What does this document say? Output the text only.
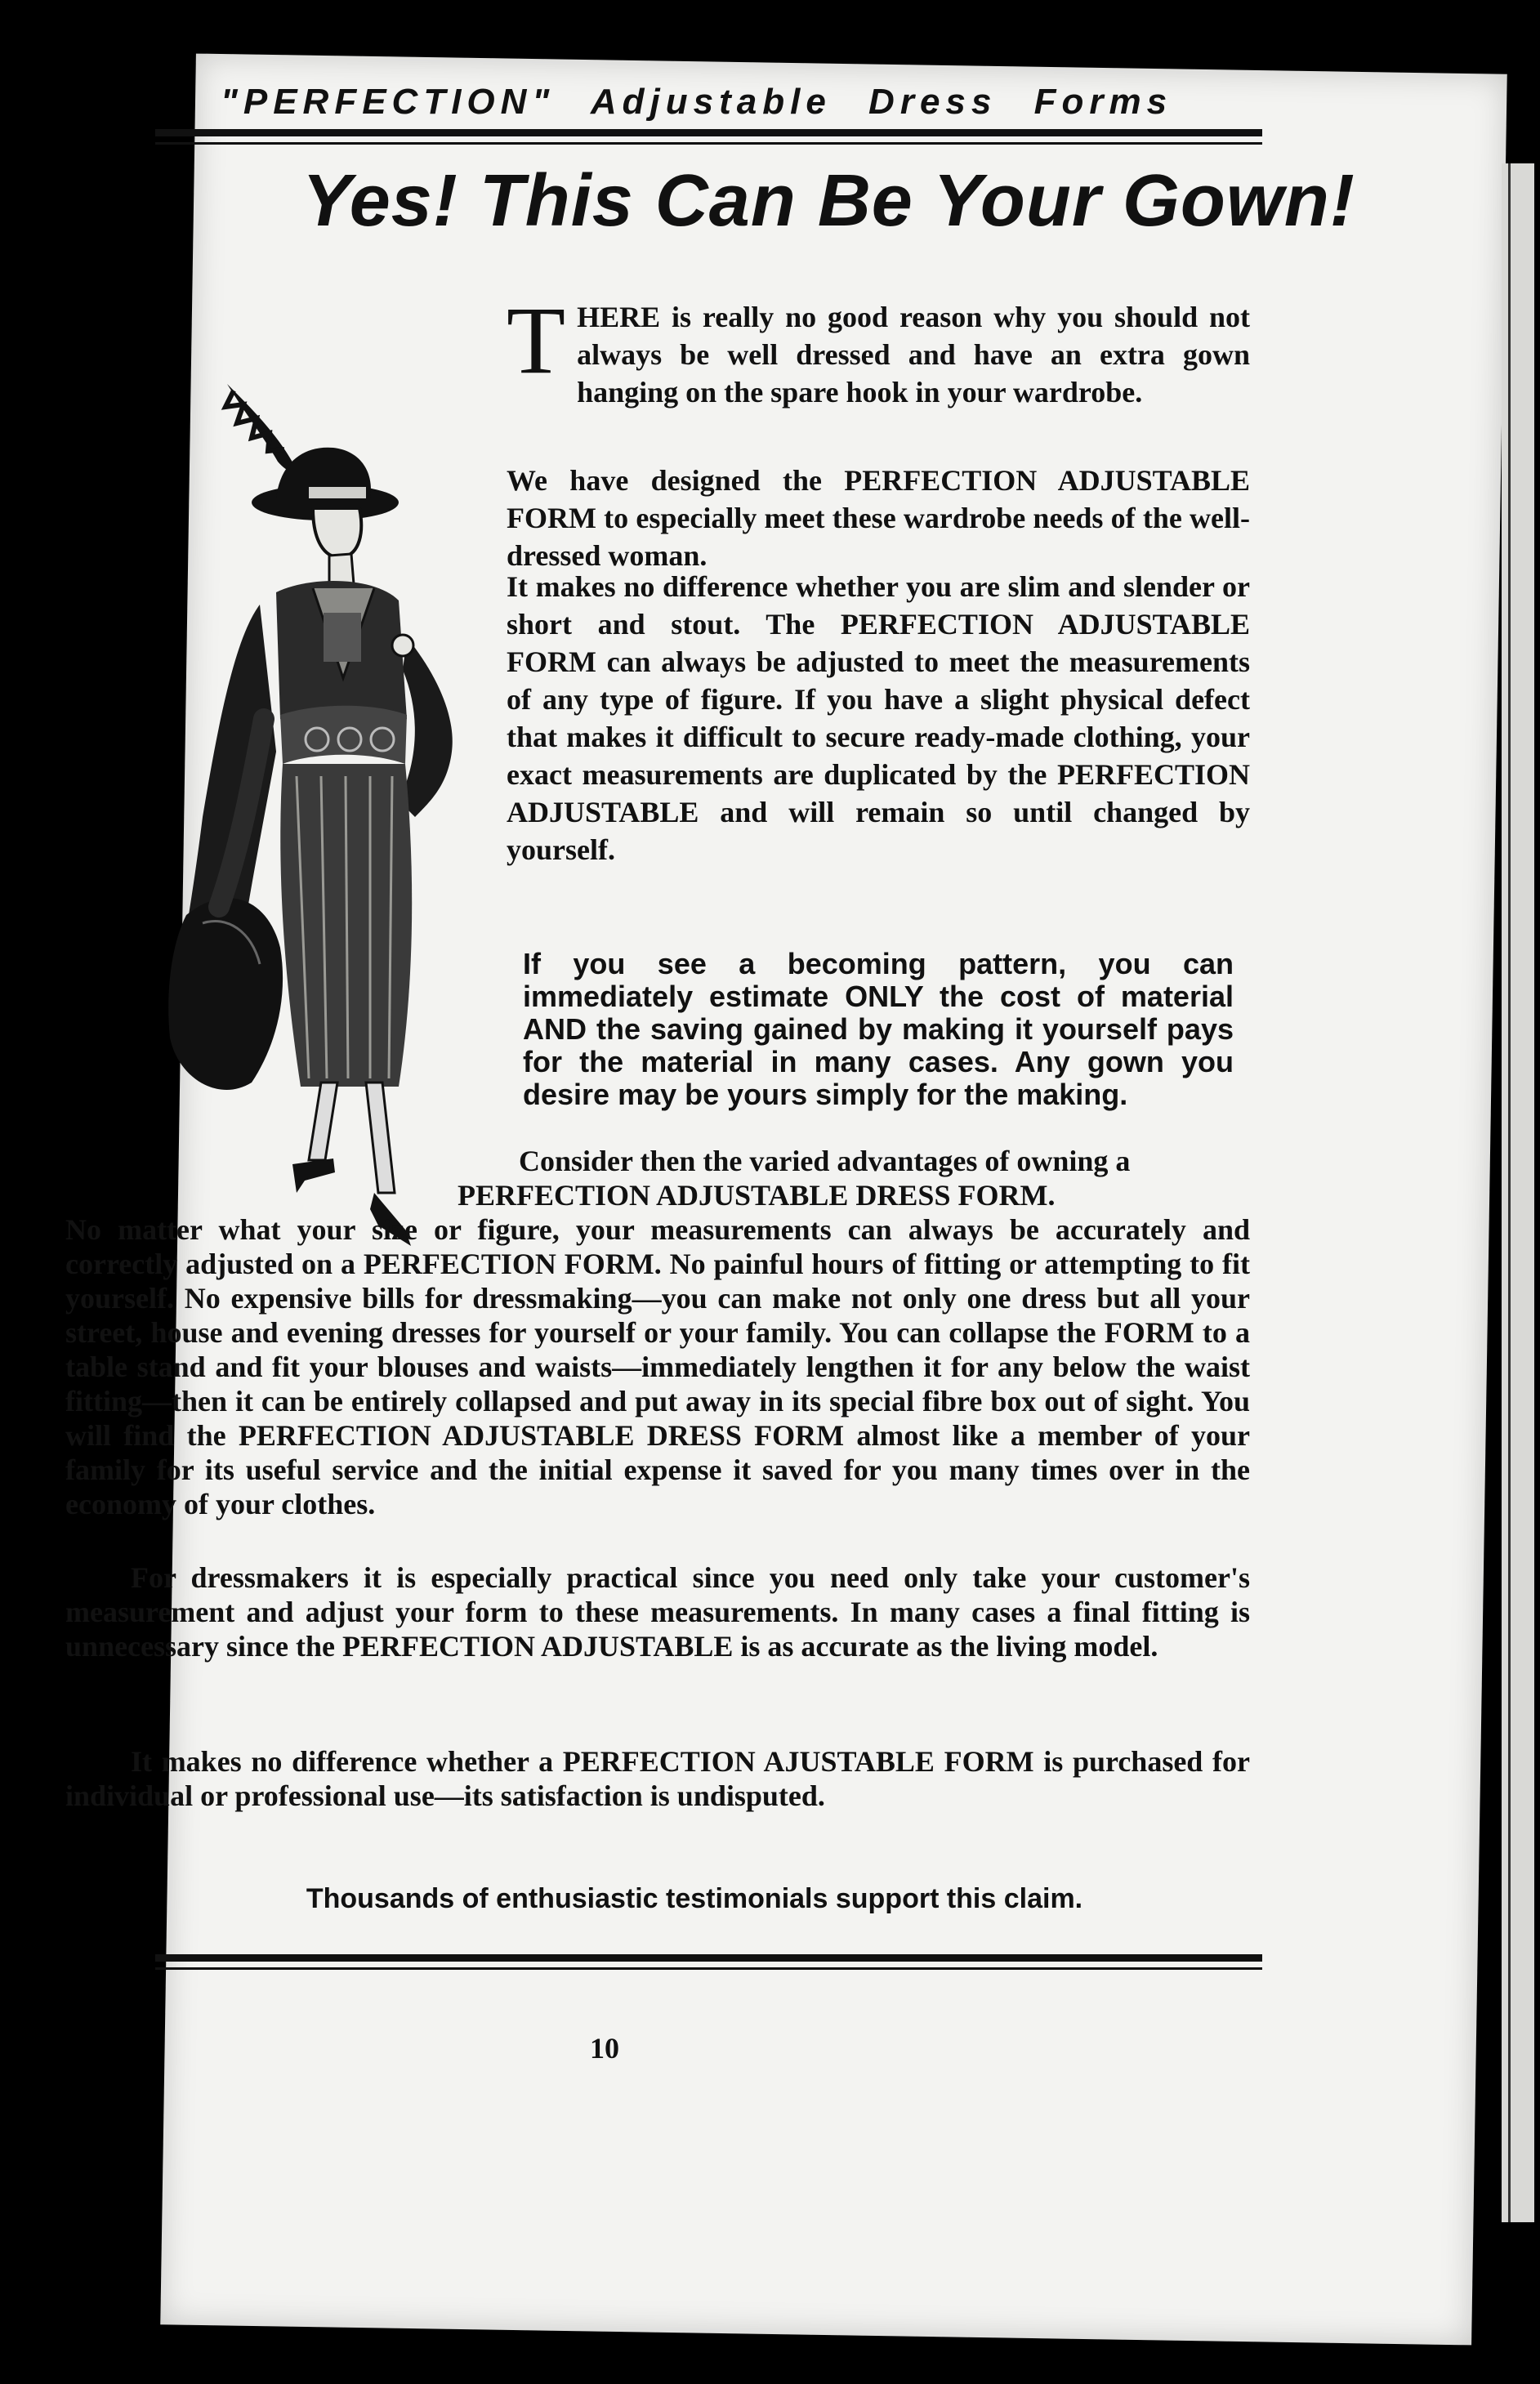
"PERFECTION" Adjustable Dress Forms
Yes! This Can Be Your Gown!
THERE is really no good reason why you should not always be well dressed and have an extra gown hanging on the spare hook in your wardrobe.
We have designed the PERFECTION ADJUSTABLE FORM to especially meet these wardrobe needs of the well-dressed woman.
It makes no difference whether you are slim and slender or short and stout. The PERFECTION ADJUSTABLE FORM can always be adjusted to meet the measurements of any type of figure. If you have a slight physical defect that makes it difficult to secure ready-made clothing, your exact measurements are duplicated by the PERFECTION ADJUSTABLE and will remain so until changed by yourself.
If you see a becoming pattern, you can immediately estimate ONLY the cost of material AND the saving gained by making it yourself pays for the material in many cases. Any gown you desire may be yours simply for the making.
Consider then the varied advantages of owning a PERFECTION ADJUSTABLE DRESS FORM.
No matter what your size or figure, your measurements can always be accurately and correctly adjusted on a PERFECTION FORM. No painful hours of fitting or attempting to fit yourself. No expensive bills for dressmaking—you can make not only one dress but all your street, house and evening dresses for yourself or your family. You can collapse the FORM to a table stand and fit your blouses and waists—immediately lengthen it for any below the waist fitting—then it can be entirely collapsed and put away in its special fibre box out of sight. You will find the PERFECTION ADJUSTABLE DRESS FORM almost like a member of your family for its useful service and the initial expense it saved for you many times over in the economy of your clothes.
For dressmakers it is especially practical since you need only take your customer's measurement and adjust your form to these measurements. In many cases a final fitting is unnecessary since the PERFECTION ADJUSTABLE is as accurate as the living model.
It makes no difference whether a PERFECTION AJUSTABLE FORM is purchased for individual or professional use—its satisfaction is undisputed.
Thousands of enthusiastic testimonials support this claim.
10
